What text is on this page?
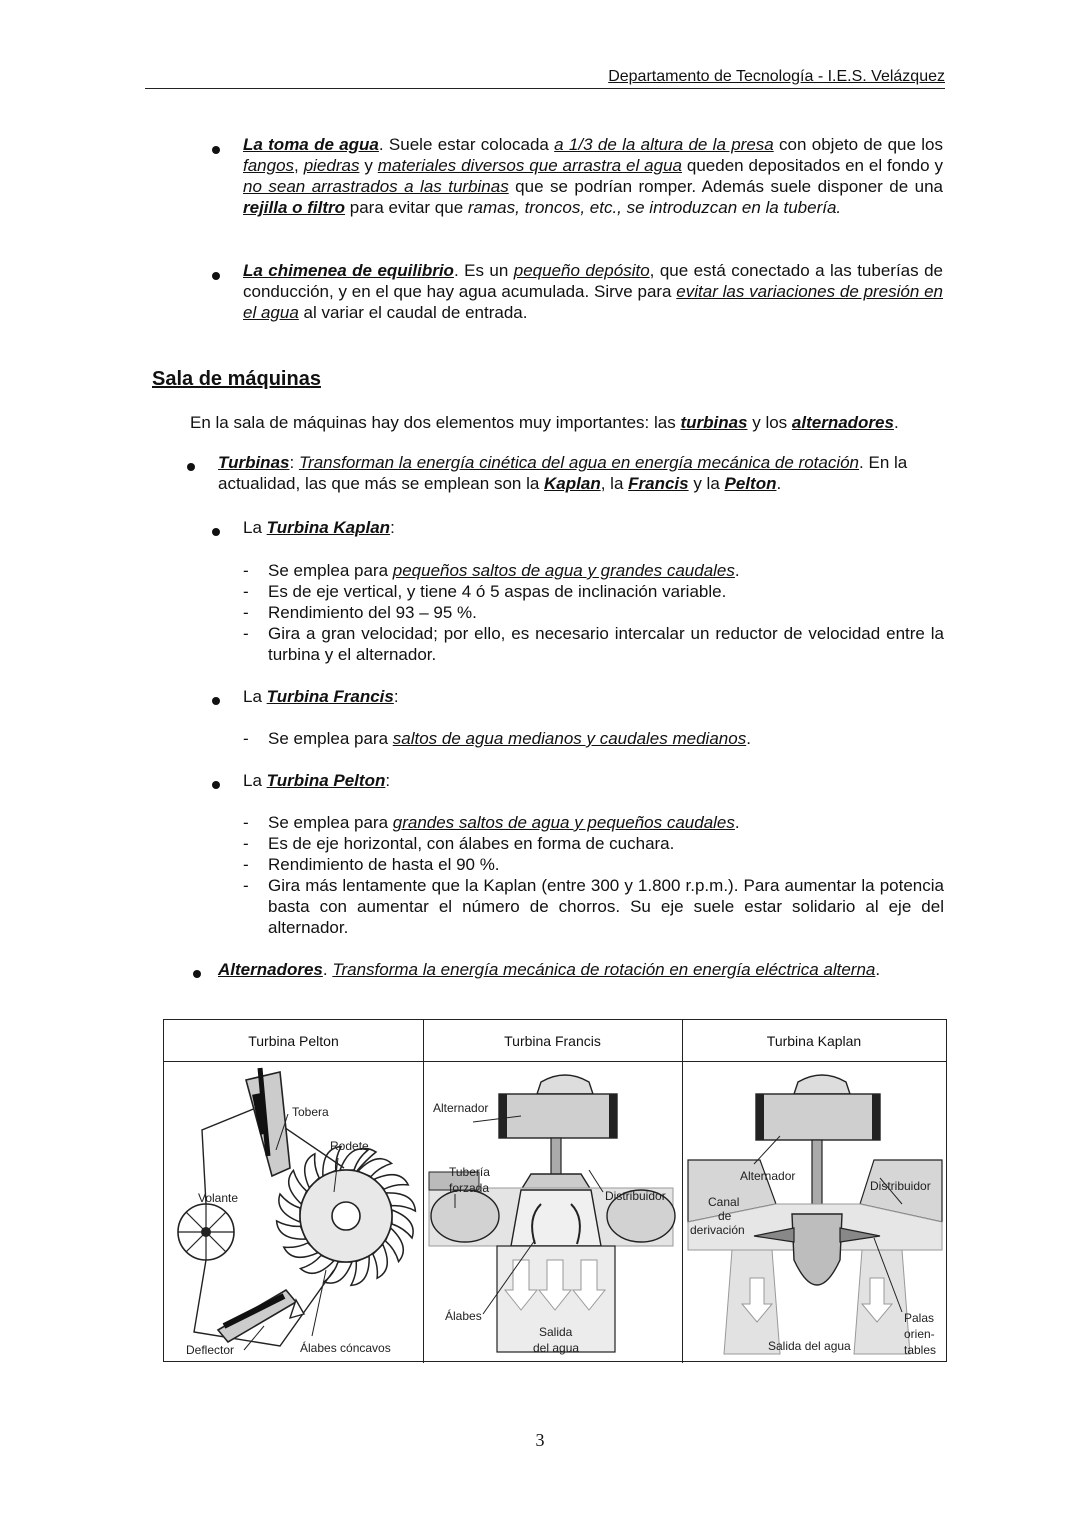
Departamento de Tecnología - I.E.S. Velázquez
La toma de agua. Suele estar colocada a 1/3 de la altura de la presa con objeto de que los fangos, piedras y materiales diversos que arrastra el agua queden depositados en el fondo y no sean arrastrados a las turbinas que se podrían romper. Además suele disponer de una rejilla o filtro para evitar que ramas, troncos, etc., se introduzcan en la tubería.
La chimenea de equilibrio. Es un pequeño depósito, que está conectado a las tuberías de conducción, y en el que hay agua acumulada. Sirve para evitar las variaciones de presión en el agua al variar el caudal de entrada.
Sala de máquinas
En la sala de máquinas hay dos elementos muy importantes: las turbinas y los alternadores.
Turbinas: Transforman la energía cinética del agua en energía mecánica de rotación. En la actualidad, las que más se emplean son la Kaplan, la Francis y la Pelton.
La Turbina Kaplan:
- Se emplea para pequeños saltos de agua y grandes caudales.
- Es de eje vertical, y tiene 4 ó 5 aspas de inclinación variable.
- Rendimiento del 93 – 95 %.
- Gira a gran velocidad; por ello, es necesario intercalar un reductor de velocidad entre la turbina y el alternador.
La Turbina Francis:
- Se emplea para saltos de agua medianos y caudales medianos.
La Turbina Pelton:
- Se emplea para grandes saltos de agua y pequeños caudales.
- Es de eje horizontal, con álabes en forma de cuchara.
- Rendimiento de hasta el 90 %.
- Gira más lentamente que la Kaplan (entre 300 y 1.800 r.p.m.). Para aumentar la potencia basta con aumentar el número de chorros. Su eje suele estar solidario al eje del alternador.
Alternadores. Transforma la energía mecánica de rotación en energía eléctrica alterna.
Turbina Pelton	Turbina Francis	Turbina Kaplan
Tobera
Rodete
Volante
Deflector	Álabes cóncavos
Alternador
Tubería
forzada
Distribuidor
Álabes
Salida
del agua
Alternador
Distribuidor
Canal
de
derivación
Palas
orien-
tables
Salida del agua
3
